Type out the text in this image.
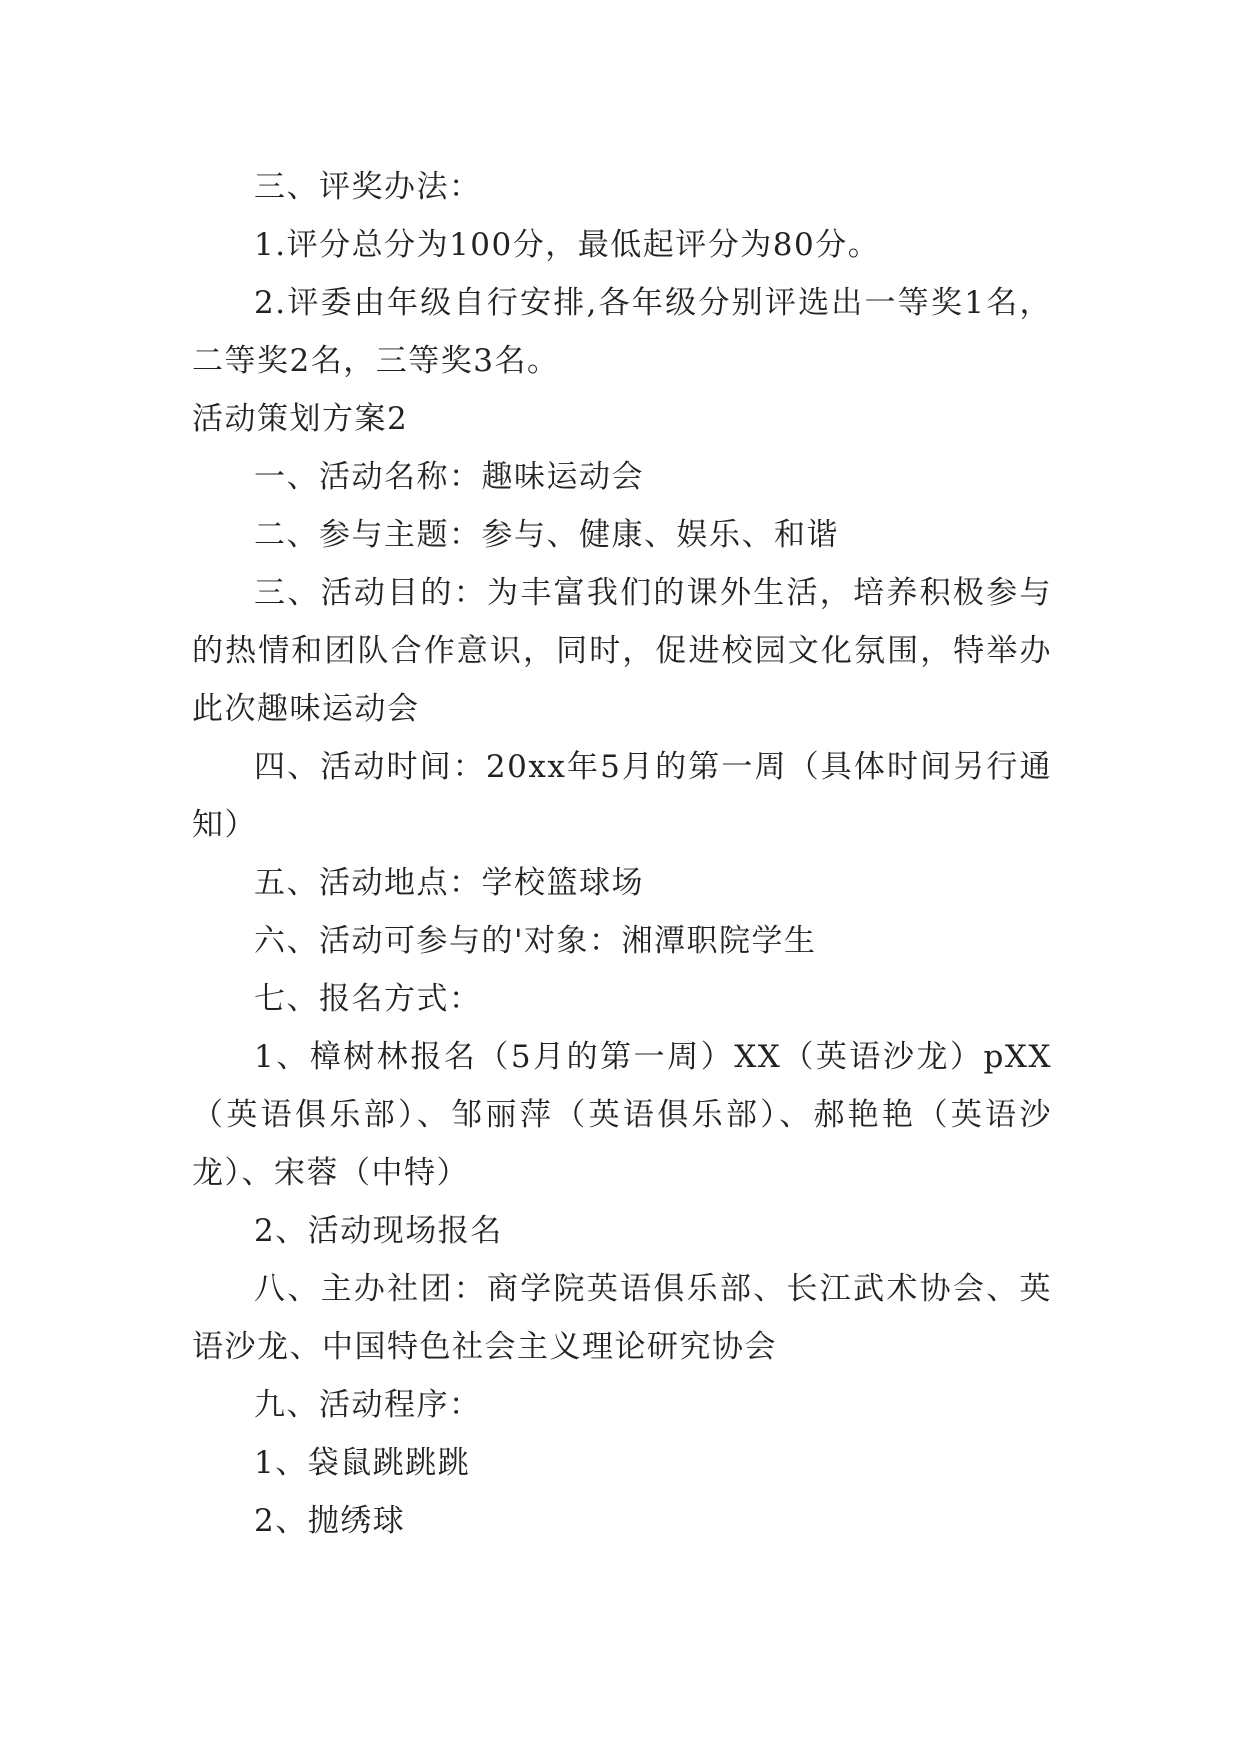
三、评奖办法：

1.评分总分为100分，最低起评分为80分。

2.评委由年级自行安排,各年级分别评选出一等奖1名，二等奖2名，三等奖3名。

活动策划方案2

一、活动名称：趣味运动会

二、参与主题：参与、健康、娱乐、和谐

三、活动目的：为丰富我们的课外生活，培养积极参与的热情和团队合作意识，同时，促进校园文化氛围，特举办此次趣味运动会

四、活动时间：20xx年5月的第一周（具体时间另行通知）

五、活动地点：学校篮球场

六、活动可参与的'对象：湘潭职院学生

七、报名方式：

1、樟树林报名（5月的第一周）XX（英语沙龙）pXX（英语俱乐部）、邹丽萍（英语俱乐部）、郝艳艳（英语沙龙）、宋蓉（中特）

2、活动现场报名

八、主办社团：商学院英语俱乐部、长江武术协会、英语沙龙、中国特色社会主义理论研究协会

九、活动程序：

1、袋鼠跳跳跳

2、抛绣球
